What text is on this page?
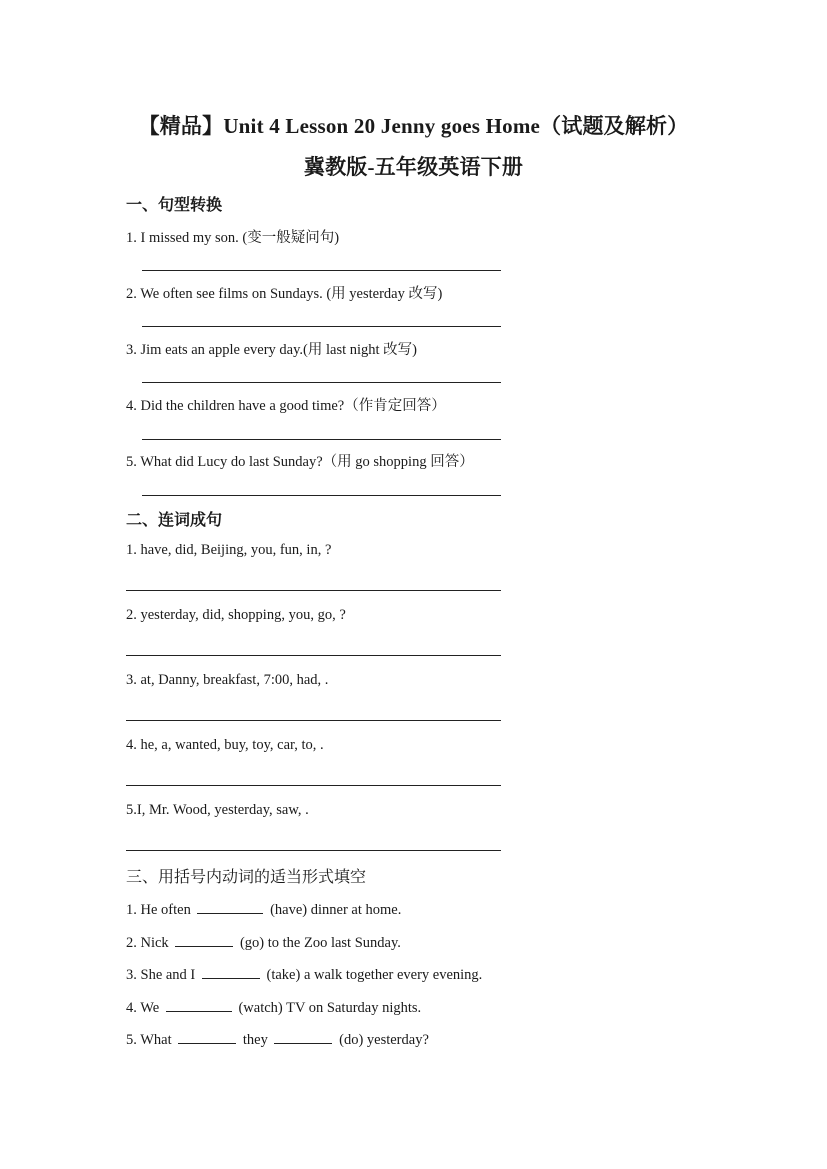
【精品】Unit 4 Lesson 20 Jenny goes Home（试题及解析）
冀教版-五年级英语下册
一、句型转换
1. I missed my son. (变一般疑问句)
2. We often see films on Sundays. (用 yesterday 改写)
3. Jim eats an apple every day.(用 last night 改写)
4. Did the children have a good time?（作肯定回答）
5. What did Lucy do last Sunday?（用 go shopping 回答）
二、连词成句
1. have, did, Beijing, you, fun, in, ?
2. yesterday, did, shopping, you, go, ?
3. at, Danny, breakfast, 7:00, had, .
4. he, a, wanted, buy, toy, car, to, .
5.I, Mr. Wood, yesterday, saw, .
三、用括号内动词的适当形式填空
1. He often	(have) dinner at home.
2. Nick	(go) to the Zoo last Sunday.
3. She and I	(take) a walk together every evening.
4. We	(watch) TV on Saturday nights.
5. What	they	(do) yesterday?
